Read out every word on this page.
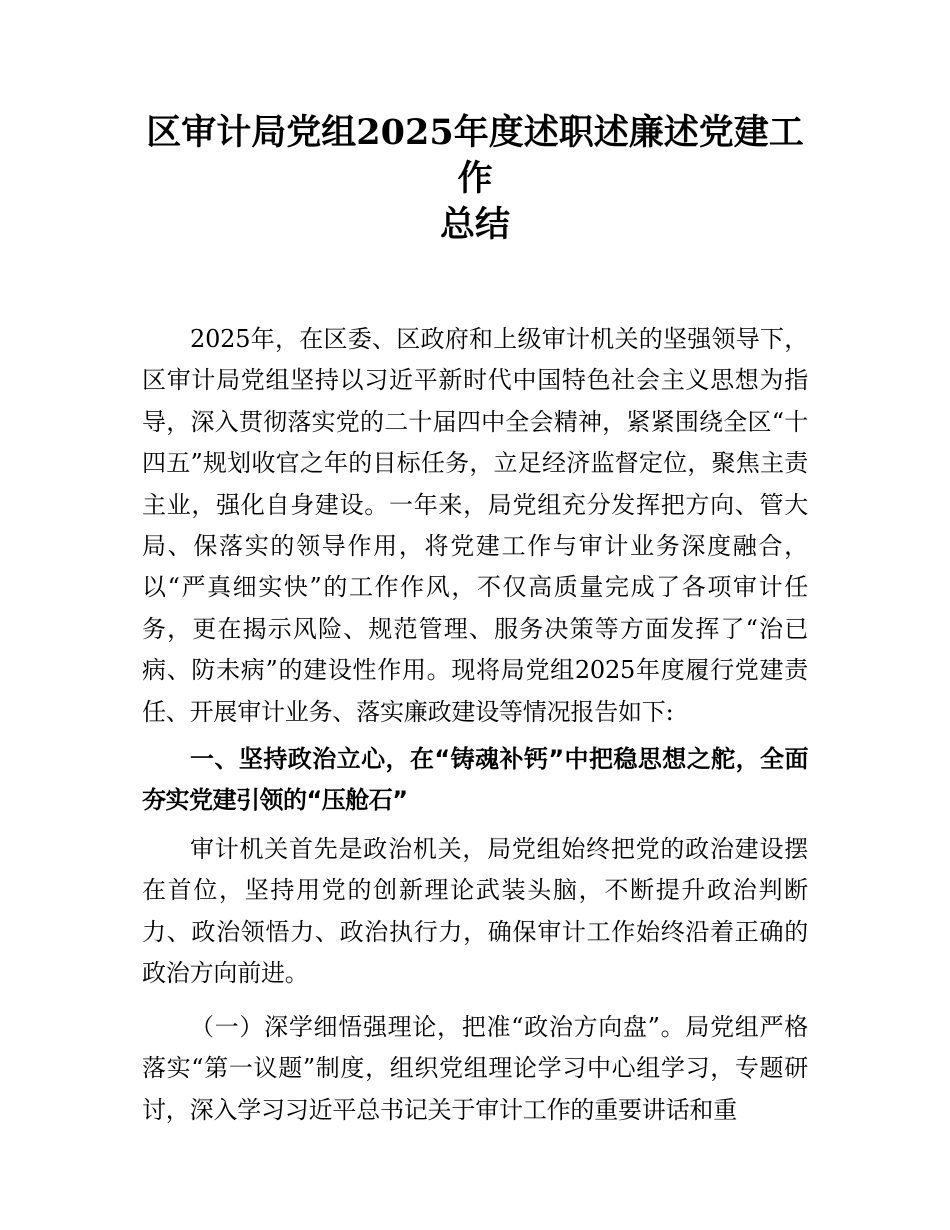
区审计局党组2025年度述职述廉述党建工作
总结

2025年，在区委、区政府和上级审计机关的坚强领导下，区审计局党组坚持以习近平新时代中国特色社会主义思想为指导，深入贯彻落实党的二十届四中全会精神，紧紧围绕全区“十四五”规划收官之年的目标任务，立足经济监督定位，聚焦主责主业，强化自身建设。一年来，局党组充分发挥把方向、管大局、保落实的领导作用，将党建工作与审计业务深度融合，以“严真细实快”的工作作风，不仅高质量完成了各项审计任务，更在揭示风险、规范管理、服务决策等方面发挥了“治已病、防未病”的建设性作用。现将局党组2025年度履行党建责任、开展审计业务、落实廉政建设等情况报告如下:

一、坚持政治立心，在“铸魂补钙”中把稳思想之舵，全面夯实党建引领的“压舱石”

审计机关首先是政治机关，局党组始终把党的政治建设摆在首位，坚持用党的创新理论武装头脑，不断提升政治判断力、政治领悟力、政治执行力，确保审计工作始终沿着正确的政治方向前进。

（一）深学细悟强理论，把准“政治方向盘”。局党组严格落实“第一议题”制度，组织党组理论学习中心组学习，专题研讨，深入学习习近平总书记关于审计工作的重要讲话和重
